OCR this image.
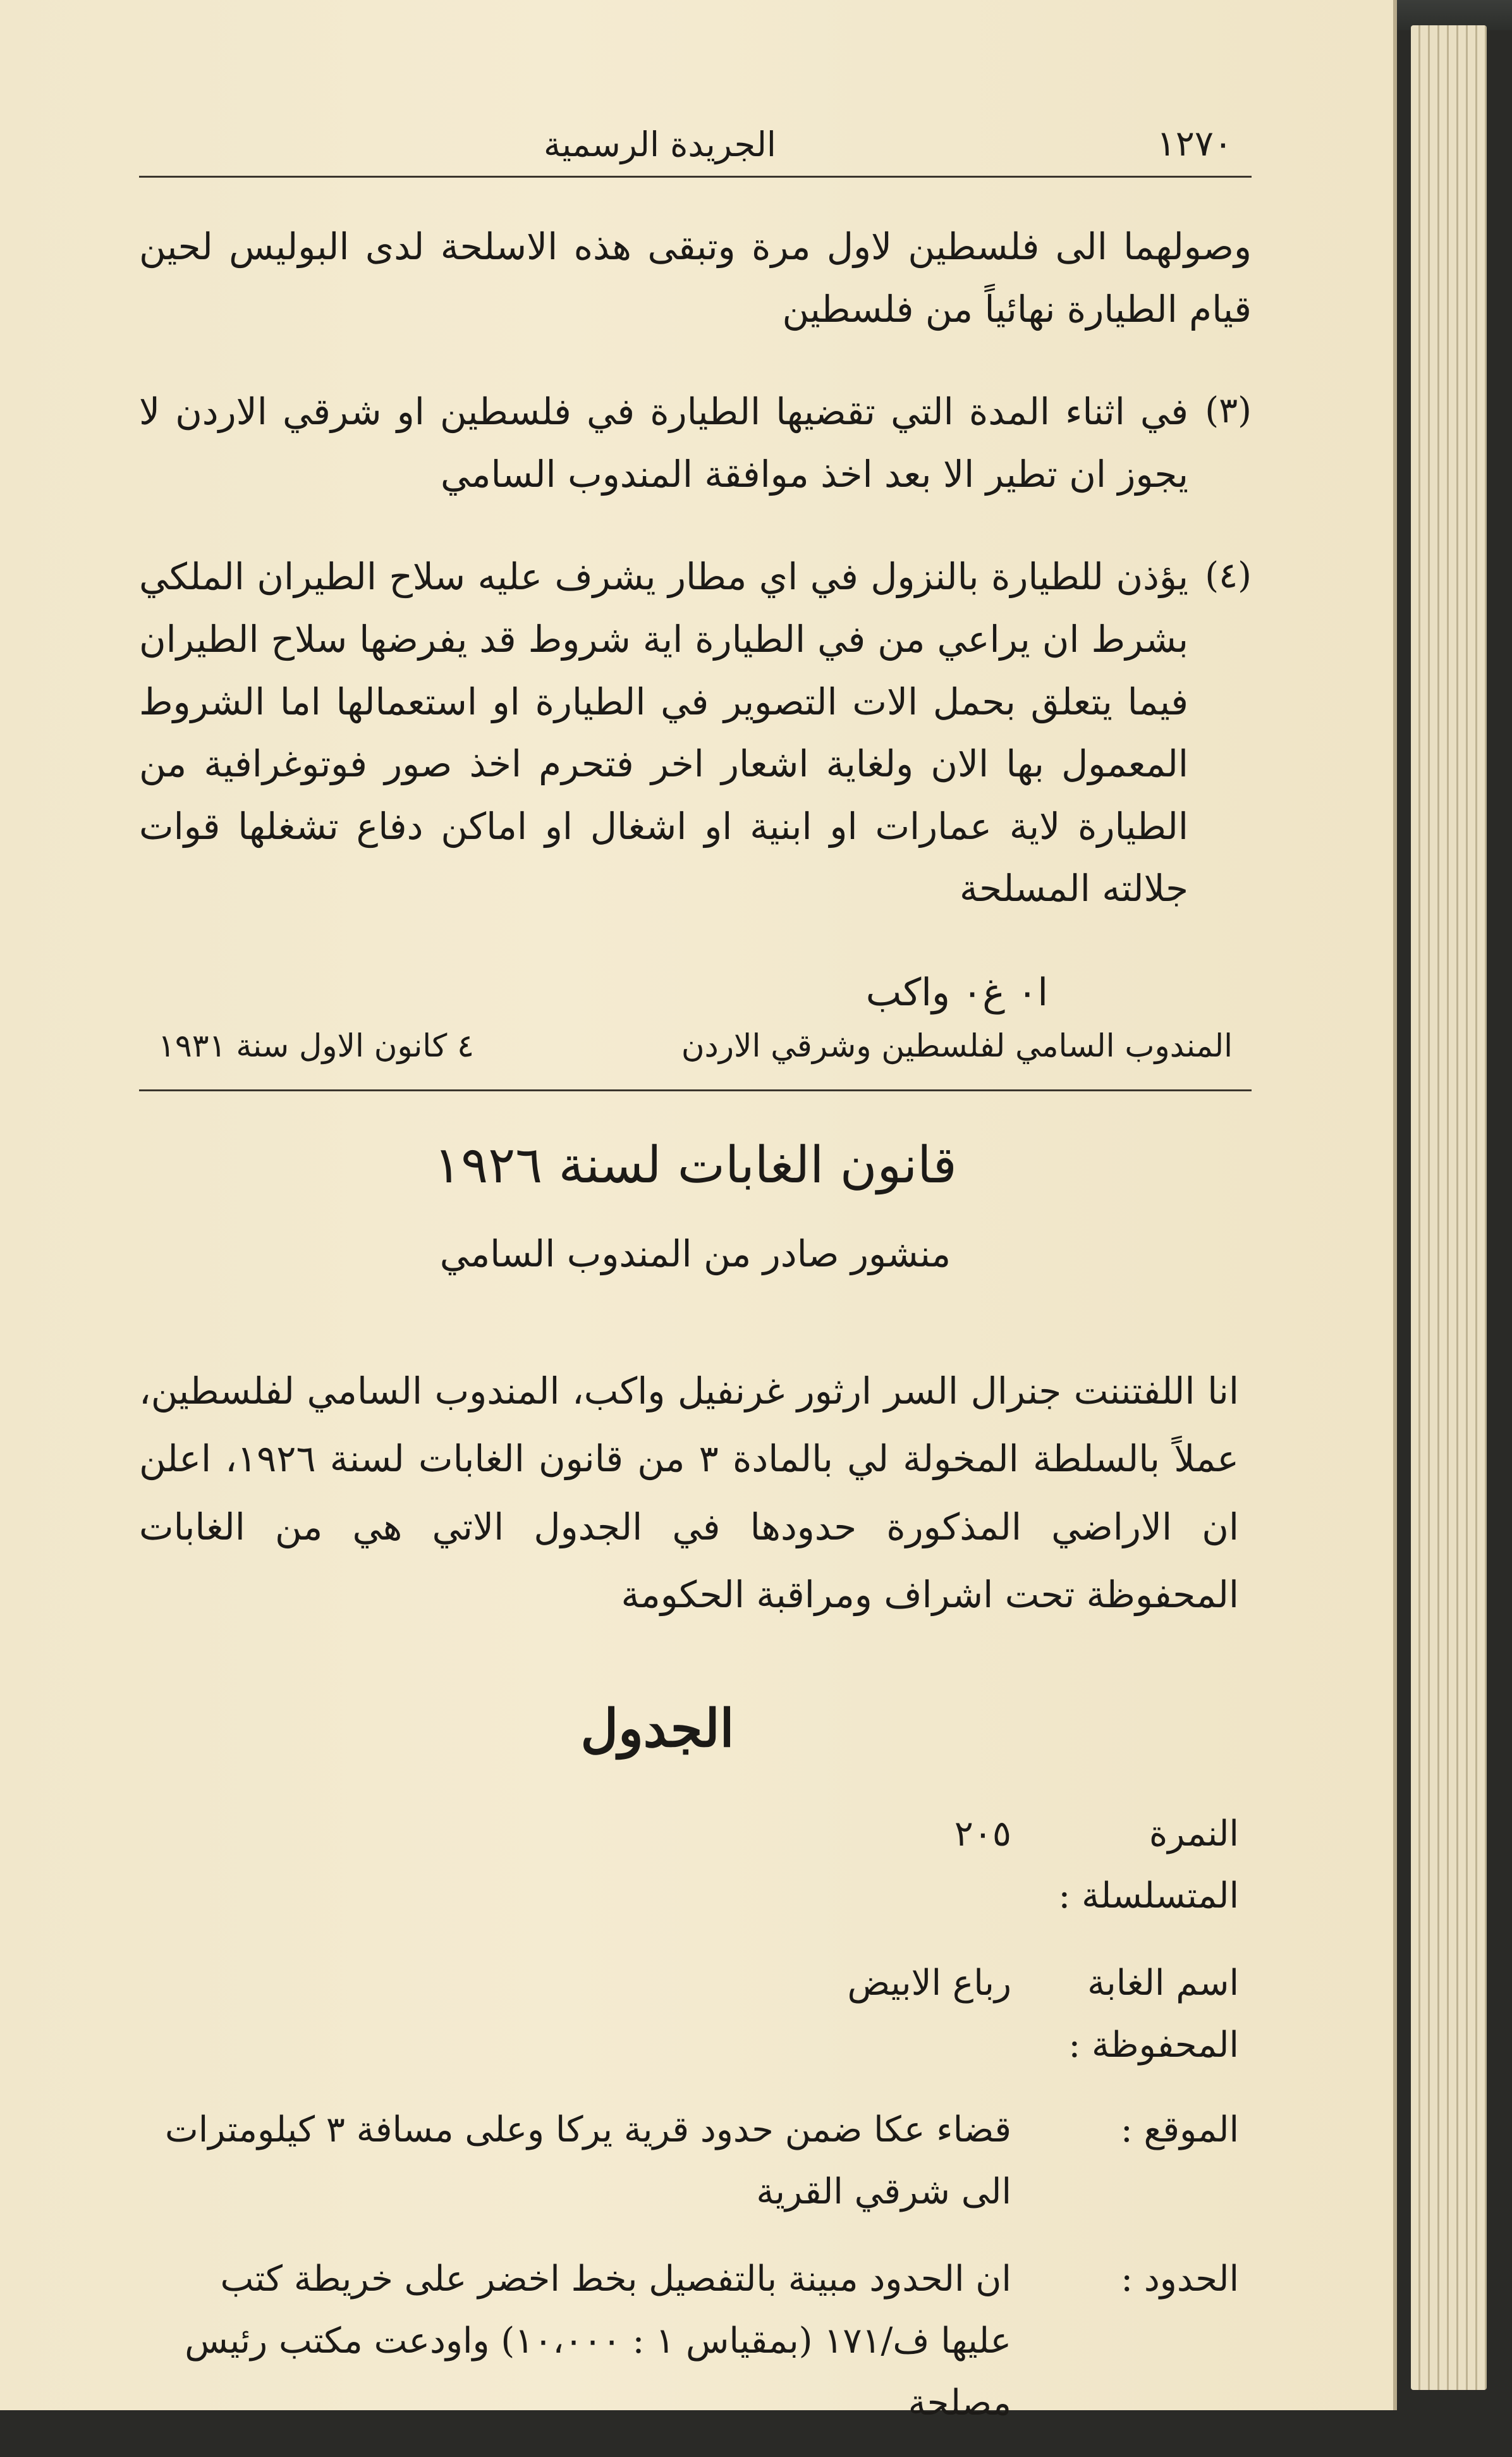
١٢٧٠
الجريدة الرسمية

وصولهما الى فلسطين لاول مرة وتبقى هذه الاسلحة لدى البوليس لحين قيام الطيارة نهائياً من فلسطين

(٣)

في اثناء المدة التي تقضيها الطيارة في فلسطين او شرقي الاردن لا يجوز ان تطير الا بعد اخذ موافقة المندوب السامي

(٤)

يؤذن للطيارة بالنزول في اي مطار يشرف عليه سلاح الطيران الملكي بشرط ان يراعي من في الطيارة اية شروط قد يفرضها سلاح الطيران فيما يتعلق بحمل الات التصوير في الطيارة او استعمالها اما الشروط المعمول بها الان ولغاية اشعار اخر فتحرم اخذ صور فوتوغرافية من الطيارة لاية عمارات او ابنية او اشغال او اماكن دفاع تشغلها قوات جلالته المسلحة

ا٠ غ٠ واكب
المندوب السامي لفلسطين وشرقي الاردن
٤ كانون الاول سنة ١٩٣١
قانون الغابات لسنة ١٩٢٦
منشور صادر من المندوب السامي

انا اللفتننت جنرال السر ارثور غرنفيل واكب، المندوب السامي لفلسطين، عملاً بالسلطة المخولة لي بالمادة ٣ من قانون الغابات لسنة ١٩٢٦، اعلن ان الاراضي المذكورة حدودها في الجدول الاتي هي من الغابات المحفوظة تحت اشراف ومراقبة الحكومة

الجدول
النمرة المتسلسلة :
٢٠٥
اسم الغابة المحفوظة :
رباع الابيض
الموقع :
قضاء عكا ضمن حدود قرية يركا وعلى مسافة ٣ كيلومترات الى شرقي القرية
الحدود :
ان الحدود مبينة بالتفصيل بخط اخضر على خريطة كتب عليها ف/١٧١ (بمقياس ١ : ١٠،٠٠٠) واودعت مكتب رئيس مصلحة
